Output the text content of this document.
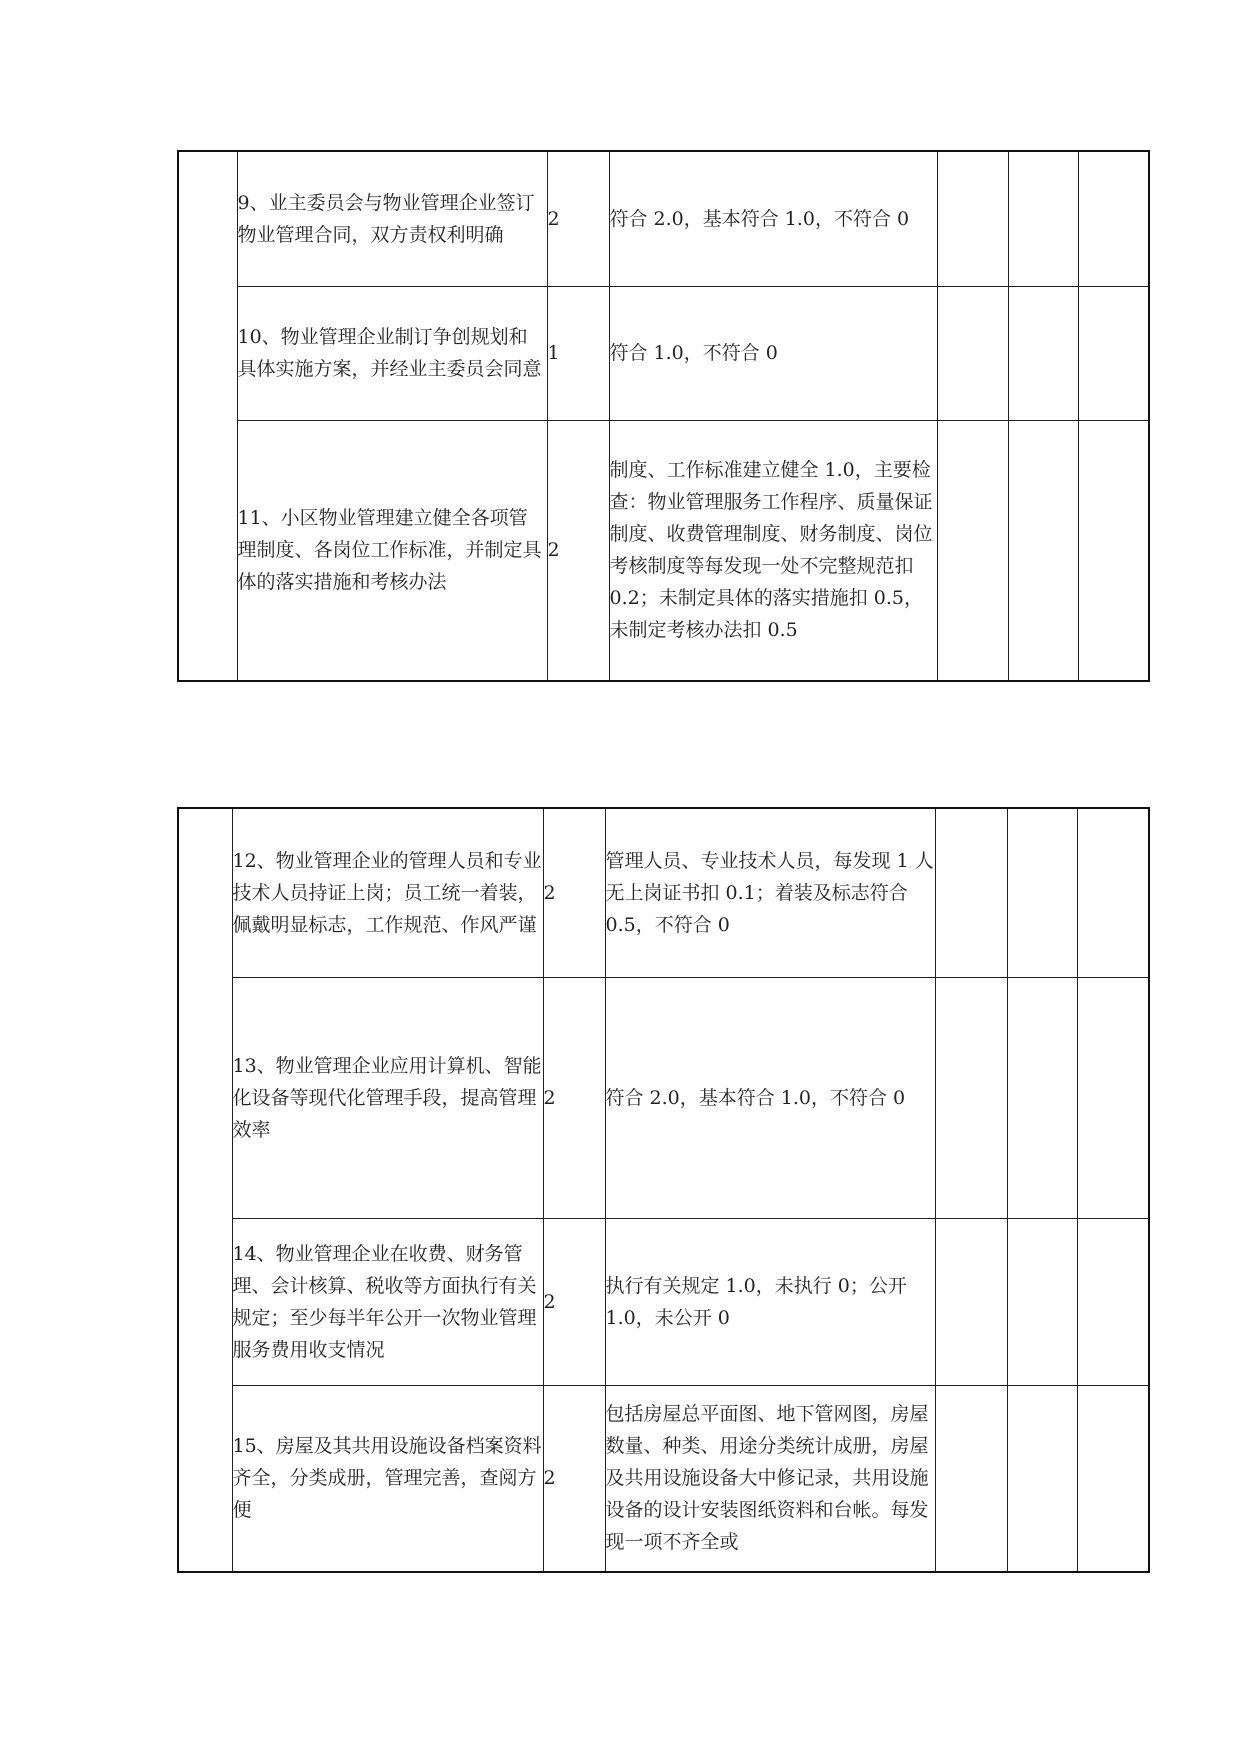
	9、业主委员会与物业管理企业签订物业管理合同，双方责权利明确	2	符合 2.0，基本符合 1.0，不符合 0			

	10、物业管理企业制订争创规划和具体实施方案，并经业主委员会同意	1	符合 1.0，不符合 0			

	11、小区物业管理建立健全各项管理制度、各岗位工作标准，并制定具体的落实措施和考核办法	2	制度、工作标准建立健全 1.0，主要检查：物业管理服务工作程序、质量保证制度、收费管理制度、财务制度、岗位考核制度等每发现一处不完整规范扣 0.2；未制定具体的落实措施扣 0.5，未制定考核办法扣 0.5			

	12、物业管理企业的管理人员和专业技术人员持证上岗；员工统一着装，佩戴明显标志，工作规范、作风严谨	2	管理人员、专业技术人员，每发现 1 人无上岗证书扣 0.1；着装及标志符合 0.5，不符合 0			

	13、物业管理企业应用计算机、智能化设备等现代化管理手段，提高管理效率	2	符合 2.0，基本符合 1.0，不符合 0			

	14、物业管理企业在收费、财务管理、会计核算、税收等方面执行有关规定；至少每半年公开一次物业管理服务费用收支情况	2	执行有关规定 1.0，未执行 0；公开 1.0，未公开 0			

	15、房屋及其共用设施设备档案资料齐全，分类成册，管理完善，查阅方便	2	包括房屋总平面图、地下管网图，房屋数量、种类、用途分类统计成册，房屋及共用设施设备大中修记录，共用设施设备的设计安装图纸资料和台帐。每发现一项不齐全或			
